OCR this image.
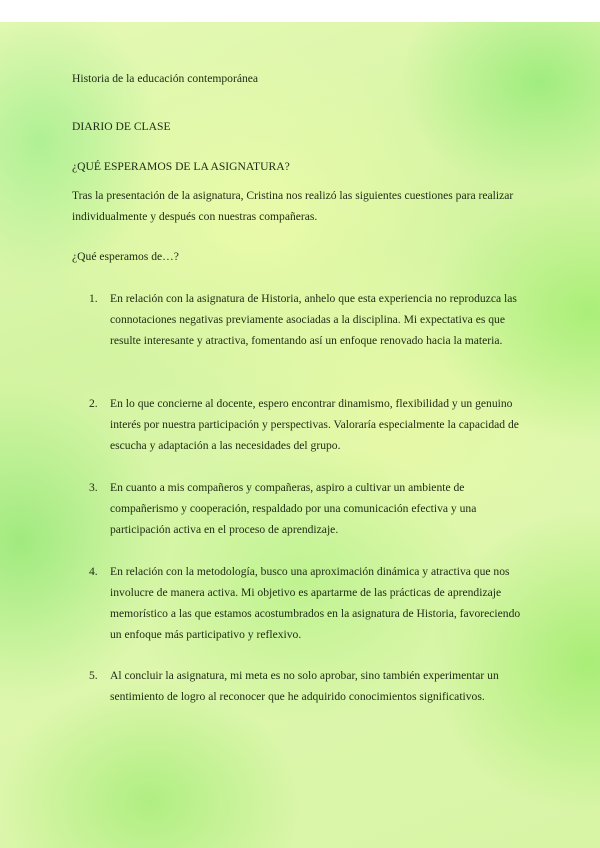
Historia de la educación contemporánea
DIARIO DE CLASE
¿QUÉ ESPERAMOS DE LA ASIGNATURA?

Tras la presentación de la asignatura, Cristina nos realizó las siguientes cuestiones para realizar individualmente y después con nuestras compañeras.

¿Qué esperamos de…?
1. En relación con la asignatura de Historia, anhelo que esta experiencia no reproduzca las connotaciones negativas previamente asociadas a la disciplina. Mi expectativa es que resulte interesante y atractiva, fomentando así un enfoque renovado hacia la materia.

2. En lo que concierne al docente, espero encontrar dinamismo, flexibilidad y un genuino interés por nuestra participación y perspectivas. Valoraría especialmente la capacidad de escucha y adaptación a las necesidades del grupo.

3. En cuanto a mis compañeros y compañeras, aspiro a cultivar un ambiente de compañerismo y cooperación, respaldado por una comunicación efectiva y una participación activa en el proceso de aprendizaje.

4. En relación con la metodología, busco una aproximación dinámica y atractiva que nos involucre de manera activa. Mi objetivo es apartarme de las prácticas de aprendizaje memorístico a las que estamos acostumbrados en la asignatura de Historia, favoreciendo un enfoque más participativo y reflexivo.

5. Al concluir la asignatura, mi meta es no solo aprobar, sino también experimentar un sentimiento de logro al reconocer que he adquirido conocimientos significativos.
